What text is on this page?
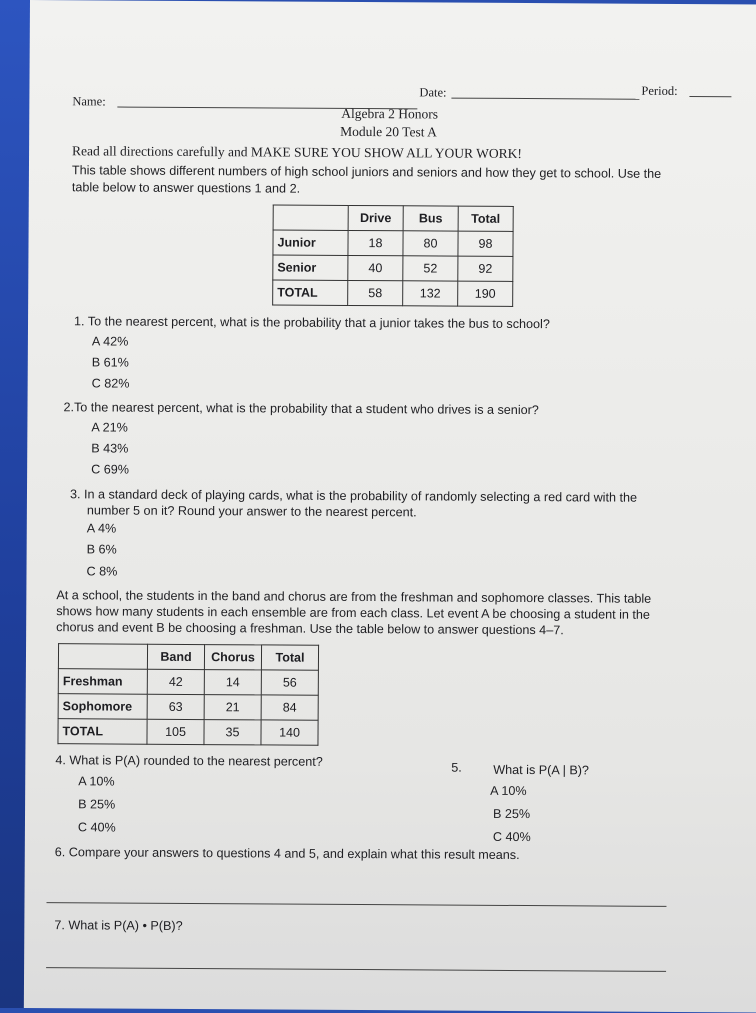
Name:
Date:	Period:
Algebra 2 Honors
Module 20 Test A
Read all directions carefully and MAKE SURE YOU SHOW ALL YOUR WORK!
This table shows different numbers of high school juniors and seniors and how they get to school. Use the
table below to answer questions 1 and 2.
	Drive	Bus	Total
Junior	18	80	98
Senior	40	52	92
TOTAL	58	132	190
1. To the nearest percent, what is the probability that a junior takes the bus to school?
A 42%
B 61%
C 82%
2.To the nearest percent, what is the probability that a student who drives is a senior?
A 21%
B 43%
C 69%
3. In a standard deck of playing cards, what is the probability of randomly selecting a red card with the
number 5 on it? Round your answer to the nearest percent.
A 4%
B 6%
C 8%
At a school, the students in the band and chorus are from the freshman and sophomore classes. This table
shows how many students in each ensemble are from each class. Let event A be choosing a student in the
chorus and event B be choosing a freshman. Use the table below to answer questions 4–7.
	Band	Chorus	Total
Freshman	42	14	56
Sophomore	63	21	84
TOTAL	105	35	140
4. What is P(A) rounded to the nearest percent?
A 10%
B 25%
C 40%
5. What is P(A | B)?
A 10%
B 25%
C 40%
6. Compare your answers to questions 4 and 5, and explain what this result means.
7. What is P(A) • P(B)?
